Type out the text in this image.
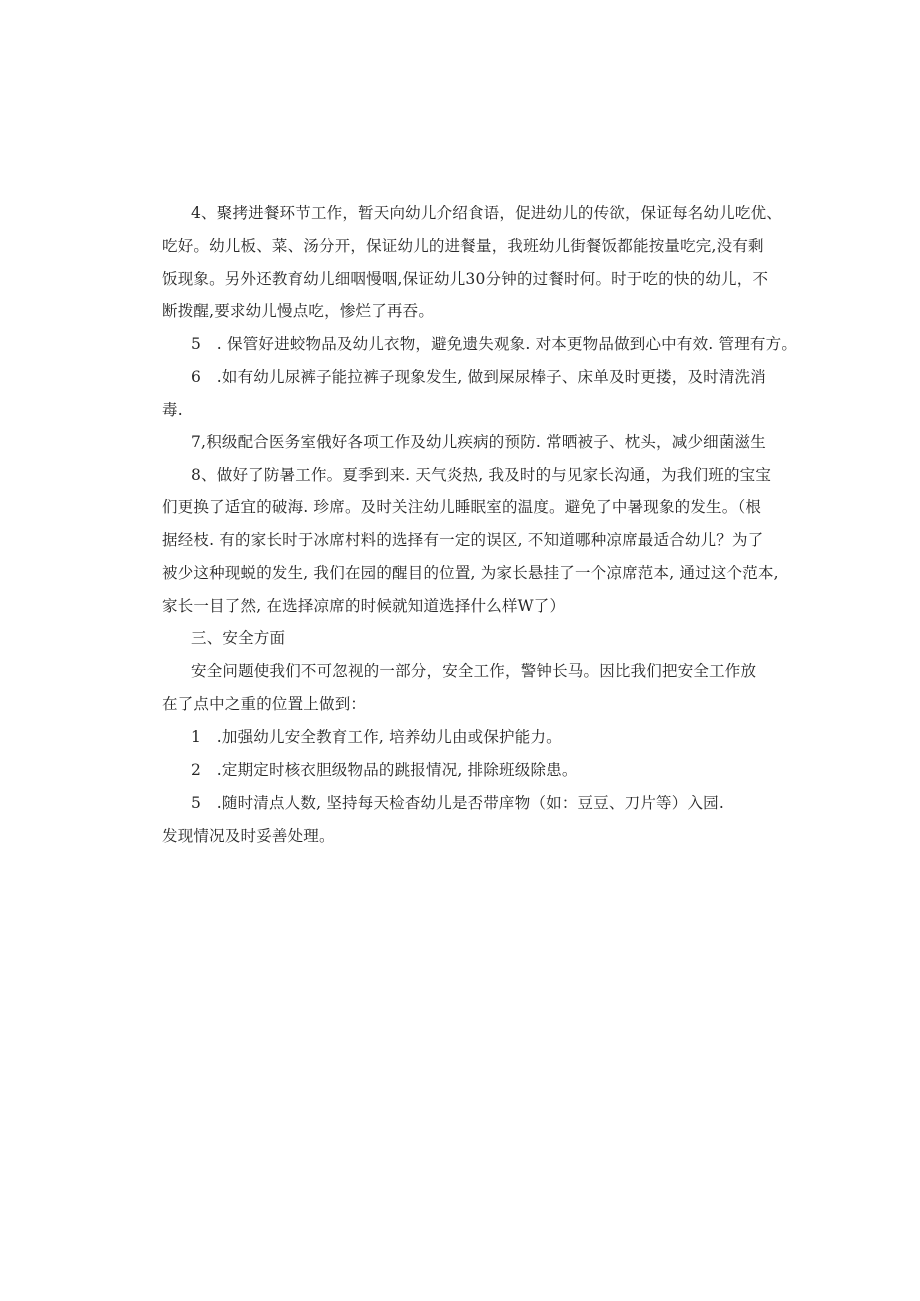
4、聚拷进餐环节工作，暂天向幼儿介绍食语，促进幼儿的传欲，保证每名幼儿吃优、
吃好。幼儿板、菜、汤分开，保证幼儿的进餐量，我班幼儿街餐饭都能按量吃完,没有剩
饭现象。另外还教育幼儿细咽慢咽,保证幼儿30分钟的过餐时何。时于吃的快的幼儿，不
断拨醒,要求幼儿慢点吃，惨烂了再吞。
5　. 保管好进蛟物品及幼儿衣物，避免遗失观象. 对本更物品做到心中有效. 管理有方。
6　.如有幼儿尿裤子能拉裤子现象发生, 做到屎尿棒子、床单及时更搂，及时清洗消
毒.
7,积级配合医务室俄好各项工作及幼儿疾病的预防. 常晒被子、枕头，减少细菌滋生
8、做好了防暑工作。夏季到来. 天气炎热, 我及时的与见家长沟通，为我们班的宝宝
们更换了适宜的破海. 珍席。及时关注幼儿睡眠室的温度。避免了中暑现象的发生。（根
据经枝. 有的家长时于冰席村料的选择有一定的误区, 不知道哪种凉席最适合幼儿？为了
被少这种现蜕的发生, 我们在园的醒目的位置, 为家长悬挂了一个凉席范本, 通过这个范本,
家长一目了然, 在选择凉席的时候就知道选择什么样W了）
三、安全方面
安全问题使我们不可忽视的一部分，安全工作，警钟长马。因比我们把安全工作放
在了点中之重的位置上做到：
1　.加强幼儿安全教育工作, 培养幼儿由或保护能力。
2　.定期定时核衣胆级物品的跳报情况, 排除班级除患。
5　.随时清点人数, 坚持每天检杳幼儿是否带庠物（如：豆豆、刀片等）入园.
发现情况及时妥善处理。
